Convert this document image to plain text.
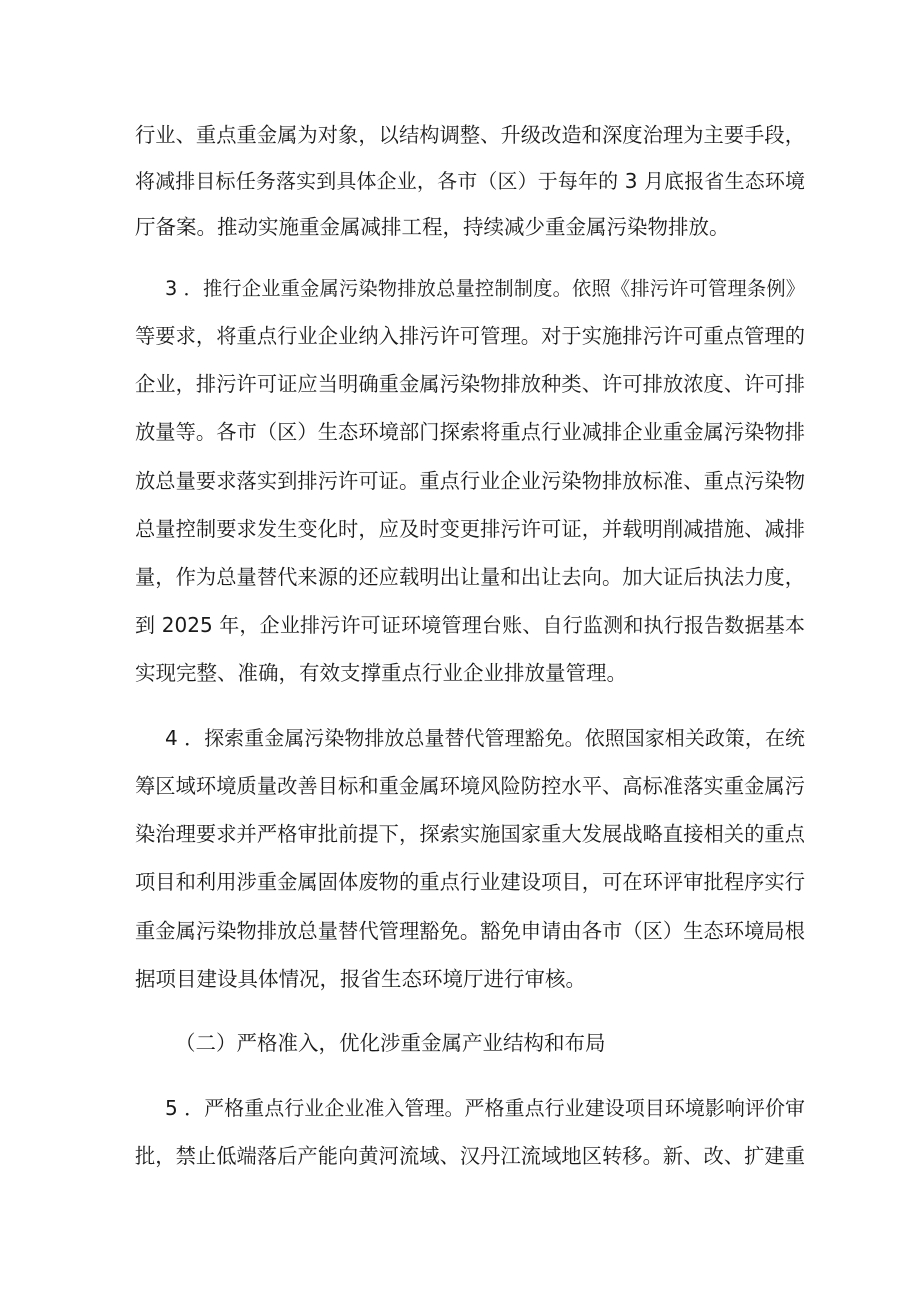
行业、重点重金属为对象，以结构调整、升级改造和深度治理为主要手段，
将减排目标任务落实到具体企业，各市（区）于每年的 3 月底报省生态环境
厅备案。推动实施重金属减排工程，持续减少重金属污染物排放。
3 ．推行企业重金属污染物排放总量控制制度。依照《排污许可管理条例》
等要求，将重点行业企业纳入排污许可管理。对于实施排污许可重点管理的
企业，排污许可证应当明确重金属污染物排放种类、许可排放浓度、许可排
放量等。各市（区）生态环境部门探索将重点行业减排企业重金属污染物排
放总量要求落实到排污许可证。重点行业企业污染物排放标准、重点污染物
总量控制要求发生变化时，应及时变更排污许可证，并载明削减措施、减排
量，作为总量替代来源的还应载明出让量和出让去向。加大证后执法力度，
到 2025 年，企业排污许可证环境管理台账、自行监测和执行报告数据基本
实现完整、准确，有效支撑重点行业企业排放量管理。
4 ．探索重金属污染物排放总量替代管理豁免。依照国家相关政策，在统
筹区域环境质量改善目标和重金属环境风险防控水平、高标准落实重金属污
染治理要求并严格审批前提下，探索实施国家重大发展战略直接相关的重点
项目和利用涉重金属固体废物的重点行业建设项目，可在环评审批程序实行
重金属污染物排放总量替代管理豁免。豁免申请由各市（区）生态环境局根
据项目建设具体情况，报省生态环境厅进行审核。
（二）严格准入，优化涉重金属产业结构和布局
5 ．严格重点行业企业准入管理。严格重点行业建设项目环境影响评价审
批，禁止低端落后产能向黄河流域、汉丹江流域地区转移。新、改、扩建重
